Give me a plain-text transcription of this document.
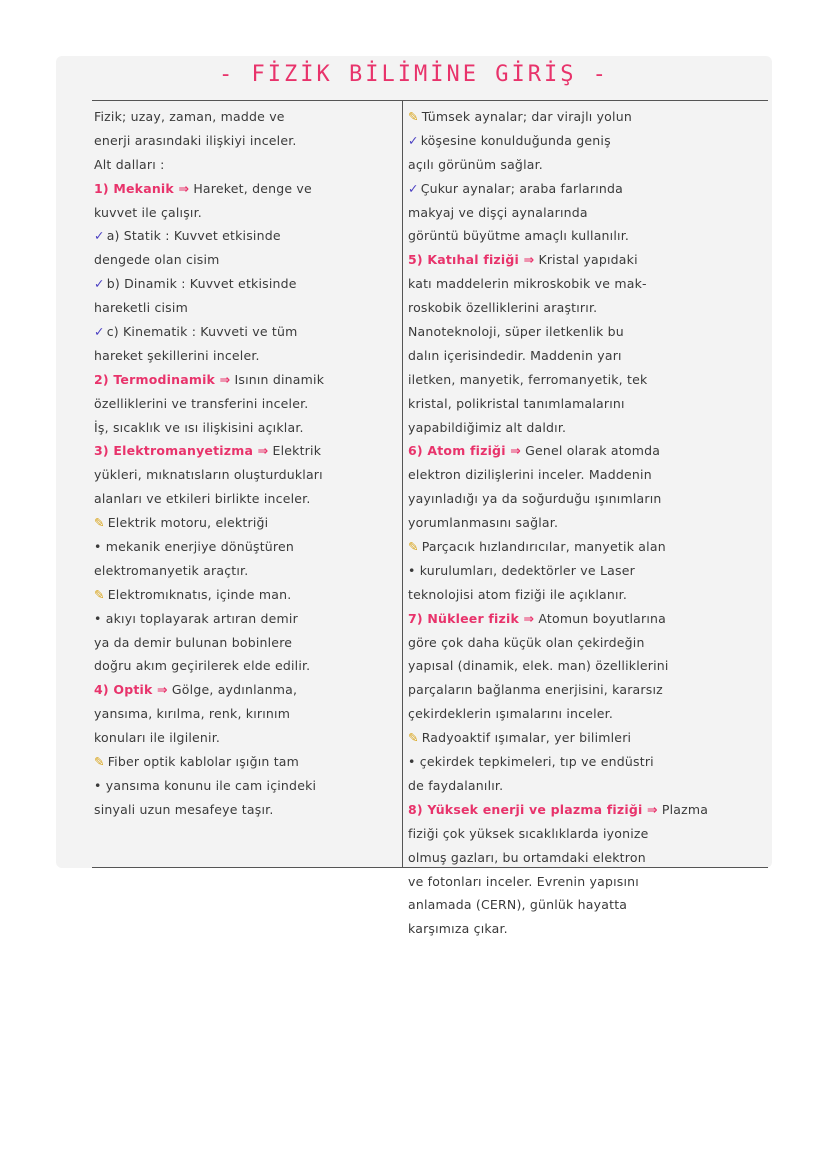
- FİZİK BİLİMİNE GİRİŞ -
Fizik; uzay, zaman, madde ve
enerji arasındaki ilişkiyi inceler.
Alt dalları :
1) Mekanik ⇒ Hareket, denge ve
kuvvet ile çalışır.
✓ a) Statik : Kuvvet etkisinde
dengede olan cisim
✓ b) Dinamik : Kuvvet etkisinde
hareketli cisim
✓ c) Kinematik : Kuvveti ve tüm
hareket şekillerini inceler.
2) Termodinamik ⇒ Isının dinamik
özelliklerini ve transferini inceler.
İş, sıcaklık ve ısı ilişkisini açıklar.
3) Elektromanyetizma ⇒ Elektrik
yükleri, mıknatısların oluşturdukları
alanları ve etkileri birlikte inceler.
✎ Elektrik motoru, elektriği
• mekanik enerjiye dönüştüren
elektromanyetik araçtır.
✎ Elektromıknatıs, içinde man.
• akıyı toplayarak artıran demir
ya da demir bulunan bobinlere
doğru akım geçirilerek elde edilir.
4) Optik ⇒ Gölge, aydınlanma,
yansıma, kırılma, renk, kırınım
konuları ile ilgilenir.
✎ Fiber optik kablolar ışığın tam
• yansıma konunu ile cam içindeki
sinyali uzun mesafeye taşır.
✎ Tümsek aynalar; dar virajlı yolun
✓ köşesine konulduğunda geniş
açılı görünüm sağlar.
✓ Çukur aynalar; araba farlarında
makyaj ve dişçi aynalarında
görüntü büyütme amaçlı kullanılır.
5) Katıhal fiziği ⇒ Kristal yapıdaki
katı maddelerin mikroskobik ve mak-
roskobik özelliklerini araştırır.
Nanoteknoloji, süper iletkenlik bu
dalın içerisindedir. Maddenin yarı
iletken, manyetik, ferromanyetik, tek
kristal, polikristal tanımlamalarını
yapabildiğimiz alt daldır.
6) Atom fiziği ⇒ Genel olarak atomda
elektron dizilişlerini inceler. Maddenin
yayınladığı ya da soğurduğu ışınımların
yorumlanmasını sağlar.
✎ Parçacık hızlandırıcılar, manyetik alan
• kurulumları, dedektörler ve Laser
teknolojisi atom fiziği ile açıklanır.
7) Nükleer fizik ⇒ Atomun boyutlarına
göre çok daha küçük olan çekirdeğin
yapısal (dinamik, elek. man) özelliklerini
parçaların bağlanma enerjisini, kararsız
çekirdeklerin ışımalarını inceler.
✎ Radyoaktif ışımalar, yer bilimleri
• çekirdek tepkimeleri, tıp ve endüstri
de faydalanılır.
8) Yüksek enerji ve plazma fiziği ⇒ Plazma
fiziği çok yüksek sıcaklıklarda iyonize
olmuş gazları, bu ortamdaki elektron
ve fotonları inceler. Evrenin yapısını
anlamada (CERN), günlük hayatta
karşımıza çıkar.
